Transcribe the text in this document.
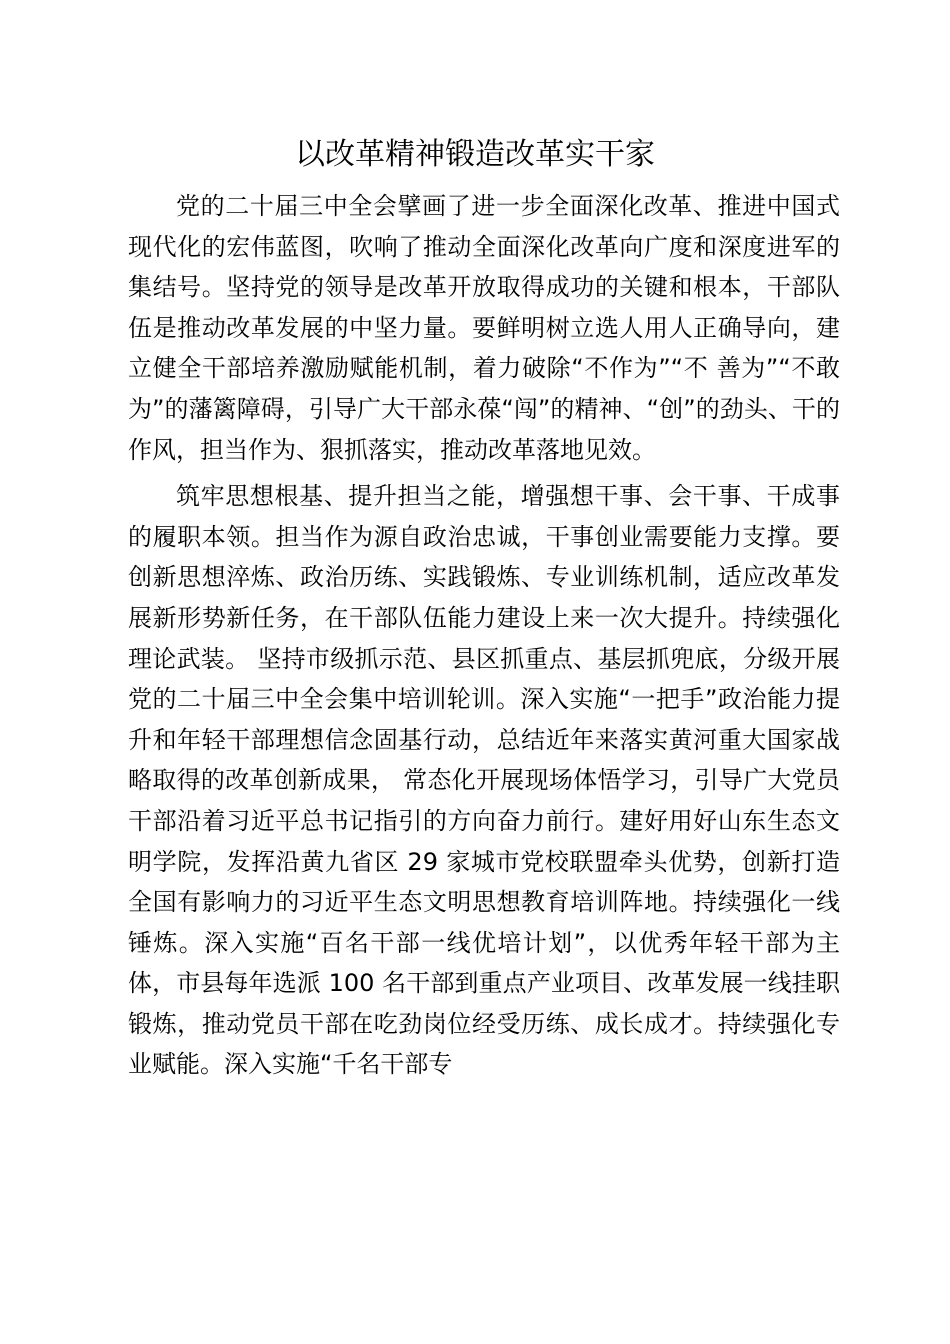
以改革精神锻造改革实干家

党的二十届三中全会擘画了进一步全面深化改革、推进中国式现代化的宏伟蓝图，吹响了推动全面深化改革向广度和深度进军的集结号。坚持党的领导是改革开放取得成功的关键和根本，干部队伍是推动改革发展的中坚力量。要鲜明树立选人用人正确导向，建立健全干部培养激励赋能机制，着力破除“不作为”“不 善为”“不敢为”的藩篱障碍，引导广大干部永葆“闯”的精神、“创”的劲头、干的作风，担当作为、狠抓落实，推动改革落地见效。

筑牢思想根基、提升担当之能，增强想干事、会干事、干成事的履职本领。担当作为源自政治忠诚，干事创业需要能力支撑。要创新思想淬炼、政治历练、实践锻炼、专业训练机制，适应改革发展新形势新任务，在干部队伍能力建设上来一次大提升。持续强化理论武装。 坚持市级抓示范、县区抓重点、基层抓兜底，分级开展党的二十届三中全会集中培训轮训。深入实施“一把手”政治能力提升和年轻干部理想信念固基行动，总结近年来落实黄河重大国家战略取得的改革创新成果， 常态化开展现场体悟学习，引导广大党员干部沿着习近平总书记指引的方向奋力前行。建好用好山东生态文明学院，发挥沿黄九省区 29 家城市党校联盟牵头优势，创新打造全国有影响力的习近平生态文明思想教育培训阵地。持续强化一线锤炼。深入实施“百名干部一线优培计划”，以优秀年轻干部为主体，市县每年选派 100 名干部到重点产业项目、改革发展一线挂职锻炼，推动党员干部在吃劲岗位经受历练、成长成才。持续强化专业赋能。深入实施“千名干部专
